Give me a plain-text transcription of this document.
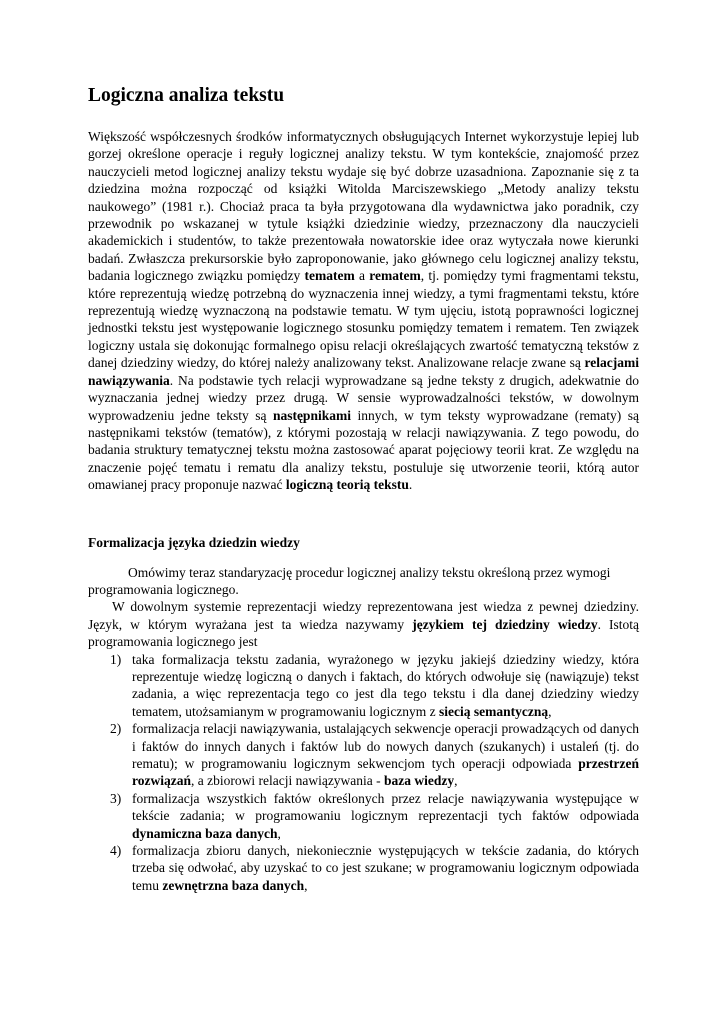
Logiczna analiza tekstu

Większość współczesnych środków informatycznych obsługujących Internet wykorzystuje lepiej lub gorzej określone operacje i reguły logicznej analizy tekstu. W tym kontekście, znajomość przez nauczycieli metod logicznej analizy tekstu wydaje się być dobrze uzasadniona. Zapoznanie się z ta dziedzina można rozpocząć od książki Witolda Marciszewskiego „Metody analizy tekstu naukowego” (1981 r.). Chociaż praca ta była przygotowana dla wydawnictwa jako poradnik, czy przewodnik po wskazanej w tytule książki dziedzinie wiedzy, przeznaczony dla nauczycieli akademickich i studentów, to także prezentowała nowatorskie idee oraz wytyczała nowe kierunki badań. Zwłaszcza prekursorskie było zaproponowanie, jako głównego celu logicznej analizy tekstu, badania logicznego związku pomiędzy tematem a rematem, tj. pomiędzy tymi fragmentami tekstu, które reprezentują wiedzę potrzebną do wyznaczenia innej wiedzy, a tymi fragmentami tekstu, które reprezentują wiedzę wyznaczoną na podstawie tematu. W tym ujęciu, istotą poprawności logicznej jednostki tekstu jest występowanie logicznego stosunku pomiędzy tematem i rematem. Ten związek logiczny ustala się dokonując formalnego opisu relacji określających zwartość tematyczną tekstów z danej dziedziny wiedzy, do której należy analizowany tekst. Analizowane relacje zwane są relacjami nawiązywania. Na podstawie tych relacji wyprowadzane są jedne teksty z drugich, adekwatnie do wyznaczania jednej wiedzy przez drugą. W sensie wyprowadzalności tekstów, w dowolnym wyprowadzeniu jedne teksty są następnikami innych, w tym teksty wyprowadzane (rematy) są następnikami tekstów (tematów), z którymi pozostają w relacji nawiązywania. Z tego powodu, do badania struktury tematycznej tekstu można zastosować aparat pojęciowy teorii krat. Ze względu na znaczenie pojęć tematu i rematu dla analizy tekstu, postuluje się utworzenie teorii, którą autor omawianej pracy proponuje nazwać logiczną teorią tekstu.

Formalizacja języka dziedzin wiedzy

Omówimy teraz standaryzację procedur logicznej analizy tekstu określoną przez wymogi programowania logicznego.

W dowolnym systemie reprezentacji wiedzy reprezentowana jest wiedza z pewnej dziedziny. Język, w którym wyrażana jest ta wiedza nazywamy językiem tej dziedziny wiedzy. Istotą programowania logicznego jest

1) taka formalizacja tekstu zadania, wyrażonego w języku jakiejś dziedziny wiedzy, która reprezentuje wiedzę logiczną o danych i faktach, do których odwołuje się (nawiązuje) tekst zadania, a więc reprezentacja tego co jest dla tego tekstu i dla danej dziedziny wiedzy tematem, utożsamianym w programowaniu logicznym z siecią semantyczną,
2) formalizacja relacji nawiązywania, ustalających sekwencje operacji prowadzących od danych i faktów do innych danych i faktów lub do nowych danych (szukanych) i ustaleń (tj. do rematu); w programowaniu logicznym sekwencjom tych operacji odpowiada przestrzeń rozwiązań, a zbiorowi relacji nawiązywania - baza wiedzy,
3) formalizacja wszystkich faktów określonych przez relacje nawiązywania występujące w tekście zadania; w programowaniu logicznym reprezentacji tych faktów odpowiada dynamiczna baza danych,
4) formalizacja zbioru danych, niekoniecznie występujących w tekście zadania, do których trzeba się odwołać, aby uzyskać to co jest szukane; w programowaniu logicznym odpowiada temu zewnętrzna baza danych,
